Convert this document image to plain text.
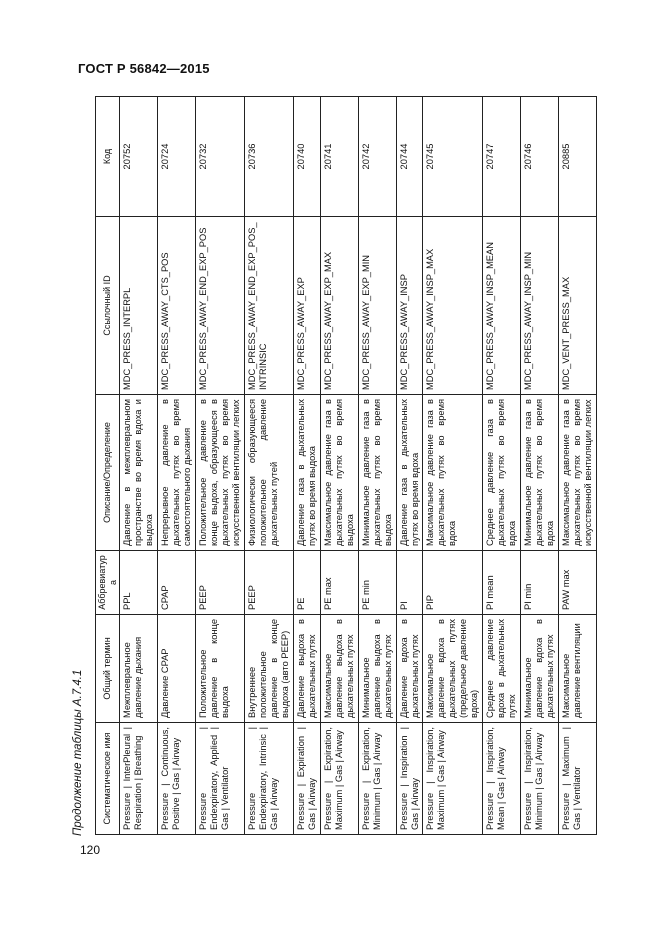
ГОСТ Р 56842—2015
Продолжение таблицы A.7.4.1
120
Систематическое имя	Общий термин	Аббревиатура	Описание/Определение	Ссылочный ID	Код
Pressure | InterPleural | Respiration | Breathing	Межплевральное давление дыхания	PPL	Давление в межплевральном пространстве во время вдоха и выдоха	MDC_PRESS_INTERPL	20752
Pressure | Continuous, Positive | Gas | Airway	Давление CPAP	CPAP	Непрерывное давление в дыхательных путях во время самостоятельного дыхания	MDC_PRESS_AWAY_CTS_POS	20724
Pressure | Endexpiratory, Applied | Gas | Ventilator	Положительное давление в конце выдоха	PEEP	Положительное давление в конце выдоха, образующееся в дыхательных путях во время искусственной вентиляции легких	MDC_PRESS_AWAY_END_EXP_POS	20732
Pressure | Endexpiratory, Intrinsic | Gas | Airway	Внутреннее положительное давление в конце выдоха (авто PEEP)	PEEP	Физиологически образующееся положительное давление дыхательных путей	MDC_PRESS_AWAY_END_EXP_POS_INTRINSIC	20736
Pressure | Expiration | Gas | Airway	Давление выдоха в дыхательных путях	PE	Давление газа в дыхательных путях во время выдоха	MDC_PRESS_AWAY_EXP	20740
Pressure | Expiration, Maximum | Gas | Airway	Максимальное давление выдоха в дыхательных путях	PE max	Максимальное давление газа в дыхательных путях во время выдоха	MDC_PRESS_AWAY_EXP_MAX	20741
Pressure | Expiration, Minimum | Gas | Airway	Минимальное давление выдоха в дыхательных путях	PE min	Минимальное давление газа в дыхательных путях во время выдоха	MDC_PRESS_AWAY_EXP_MIN	20742
Pressure | Inspiration | Gas | Airway	Давление вдоха в дыхательных путях	PI	Давление газа в дыхательных путях во время вдоха	MDC_PRESS_AWAY_INSP	20744
Pressure | Inspiration, Maximum | Gas | Airway	Максимальное давление вдоха в дыхательных путях (предельное давление вдоха)	PIP	Максимальное давление газа в дыхательных путях во время вдоха	MDC_PRESS_AWAY_INSP_MAX	20745
Pressure | Inspiration, Mean | Gas | Airway	Среднее давление вдоха в дыхательных путях	PI mean	Среднее давление газа в дыхательных путях во время вдоха	MDC_PRESS_AWAY_INSP_MEAN	20747
Pressure | Inspiration, Minimum | Gas | Airway	Минимальное давление вдоха в дыхательных путях	PI min	Минимальное давление газа в дыхательных путях во время вдоха	MDC_PRESS_AWAY_INSP_MIN	20746
Pressure | Maximum | Gas | Ventilator	Максимальное давление вентиляции	PAW max	Максимальное давление газа в дыхательных путях во время искусственной вентиляции легких	MDC_VENT_PRESS_MAX	20885
